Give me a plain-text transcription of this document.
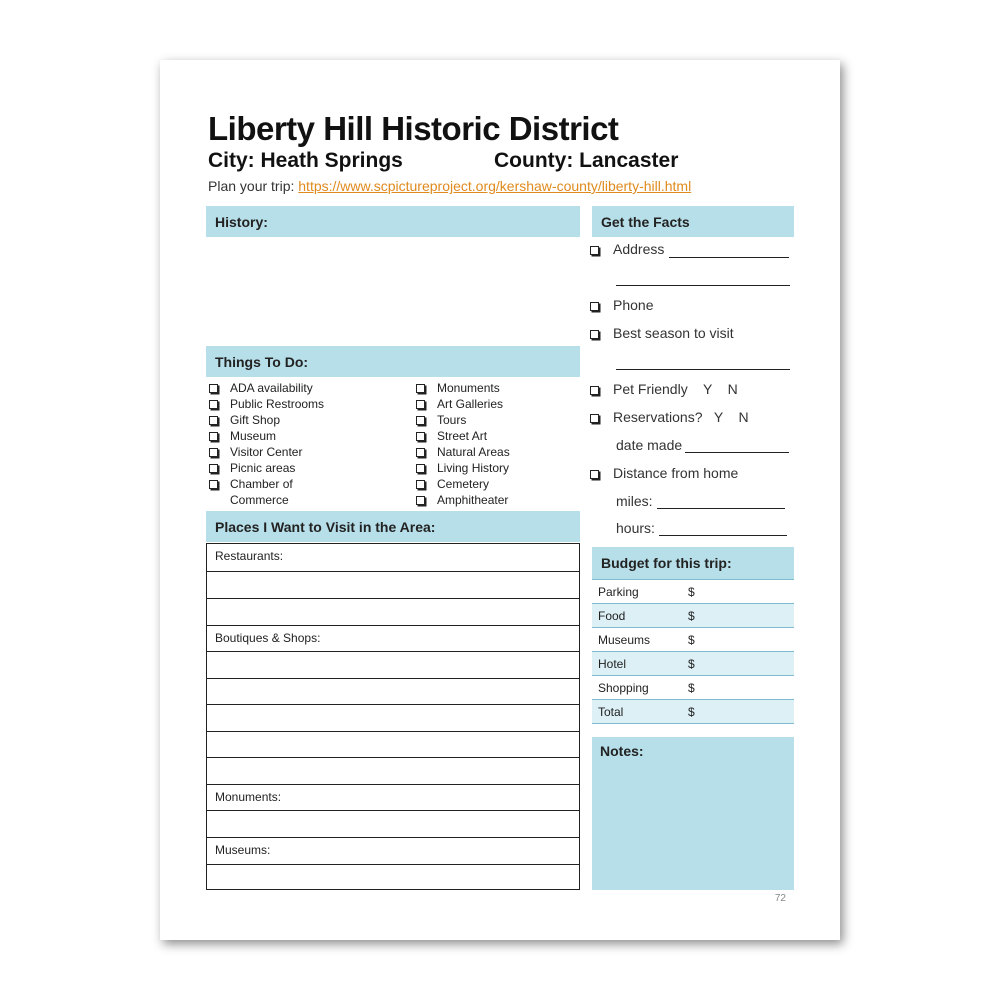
Liberty Hill Historic District
City: Heath Springs	County: Lancaster
Plan your trip: https://www.scpictureproject.org/kershaw-county/liberty-hill.html
History:
Things To Do:
Places I Want to Visit in the Area:
Restaurants:
Boutiques & Shops:
Monuments:
Museums:
Get the Facts
Address
Phone
Best season to visit
Pet Friendly    Y    N
Reservations?   Y    N
date made
Distance from home
miles:
hours:
Budget for this trip:
Notes:
72
ADA availability
Public Restrooms
Gift Shop
Museum
Visitor Center
Picnic areas
Chamber of
Commerce
Monuments
Art Galleries
Tours
Street Art
Natural Areas
Living History
Cemetery
Amphitheater
Parking	$
Food	$
Museums	$
Hotel	$
Shopping	$
Total	$
